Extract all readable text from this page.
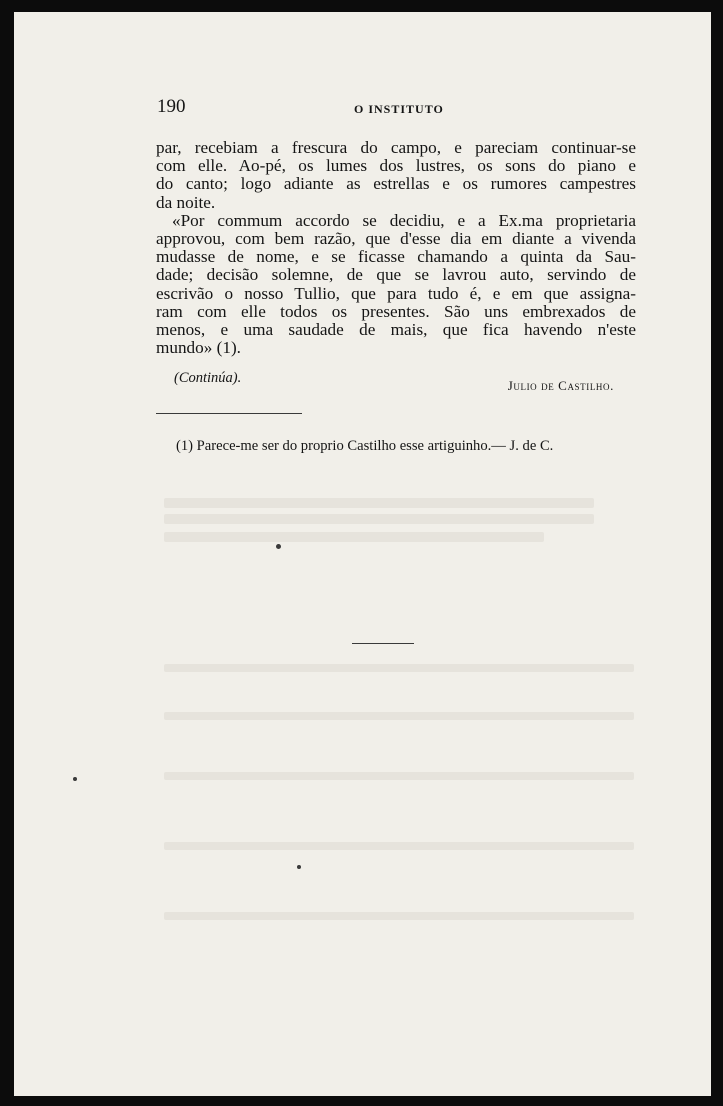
190	O INSTITUTO
par, recebiam a frescura do campo, e pareciam continuar-se
com elle. Ao-pé, os lumes dos lustres, os sons do piano e
do canto; logo adiante as estrellas e os rumores campestres
da noite.
«Por commum accordo se decidiu, e a Ex.ma proprietaria
approvou, com bem razão, que d'esse dia em diante a vivenda
mudasse de nome, e se ficasse chamando a quinta da Sau-
dade; decisão solemne, de que se lavrou auto, servindo de
escrivão o nosso Tullio, que para tudo é, e em que assigna-
ram com elle todos os presentes. São uns embrexados de
menos, e uma saudade de mais, que fica havendo n'este
mundo» (1).
(Continúa).	Julio de Castilho.
(1) Parece-me ser do proprio Castilho esse artiguinho.— J. de C.
